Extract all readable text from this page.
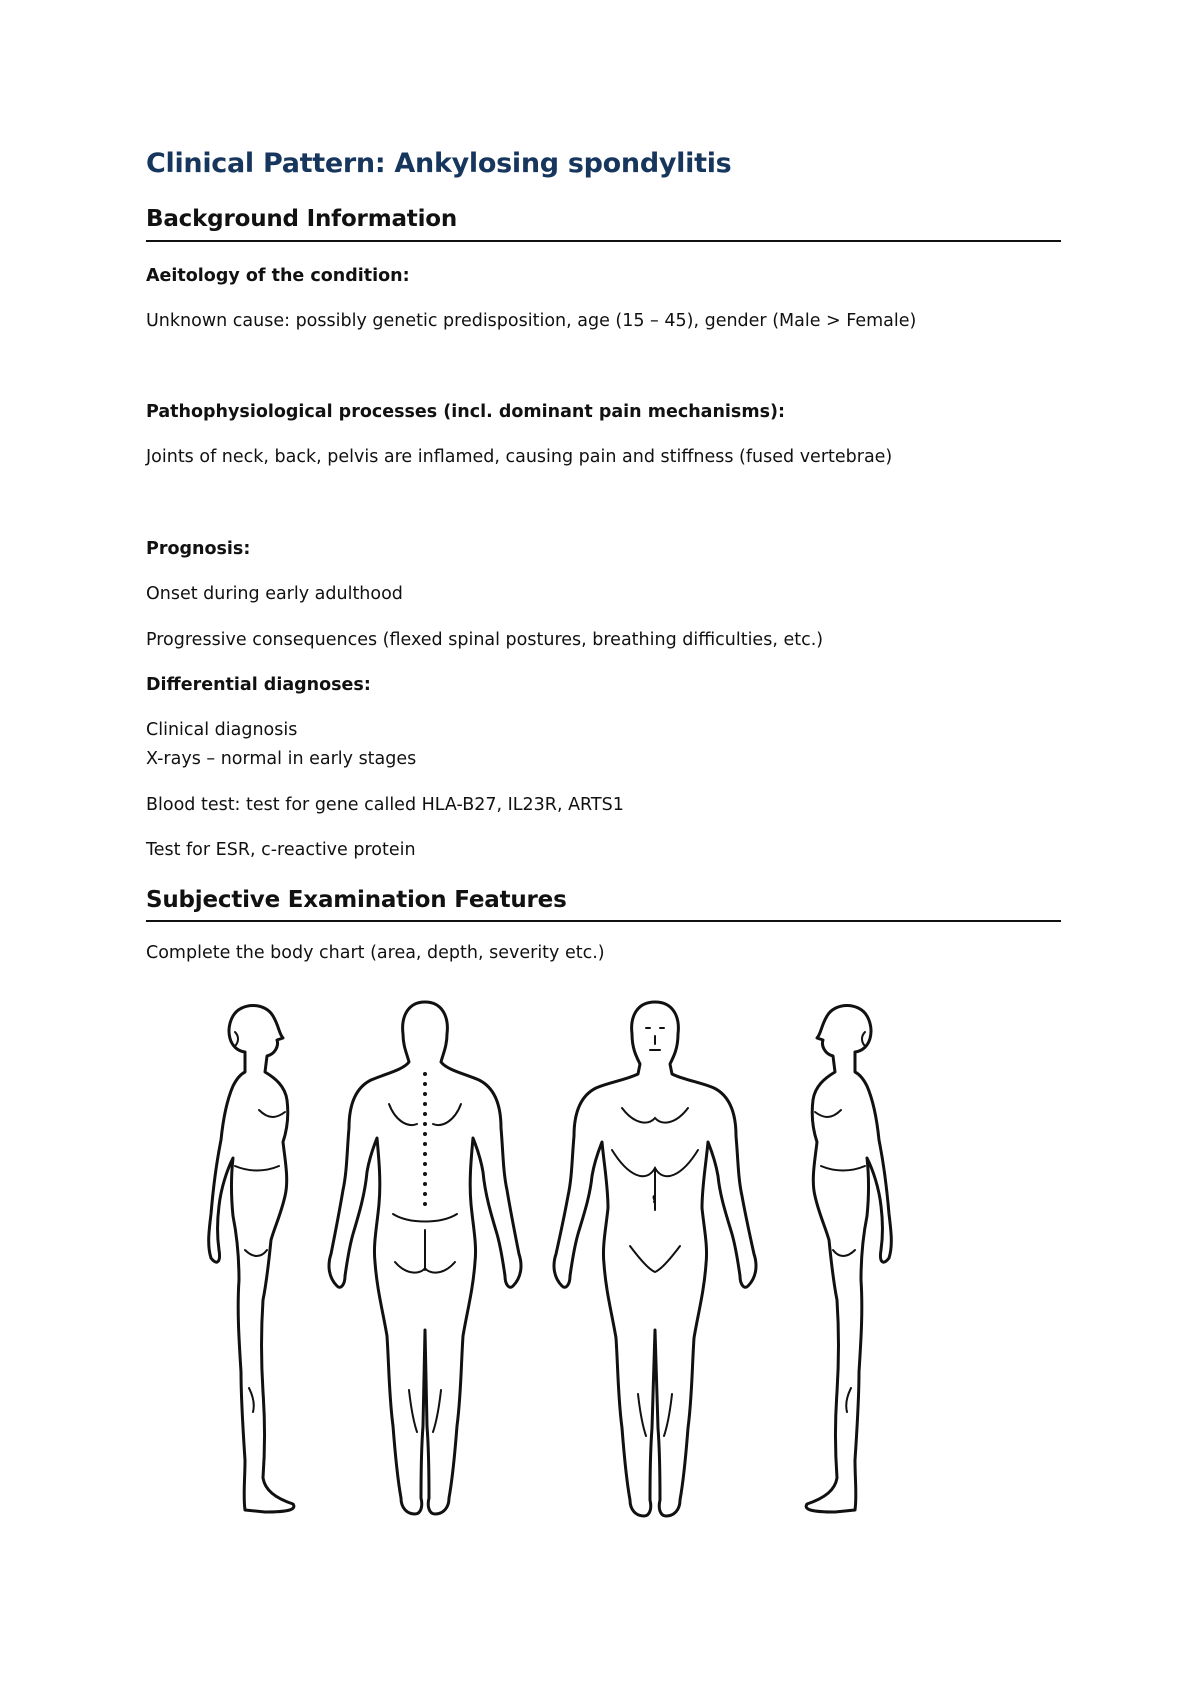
Clinical Pattern: Ankylosing spondylitis
Background Information
Aeitology of the condition:
Unknown cause: possibly genetic predisposition, age (15 – 45), gender (Male > Female)
Pathophysiological processes (incl. dominant pain mechanisms):
Joints of neck, back, pelvis are inflamed, causing pain and stiffness (fused vertebrae)
Prognosis:
Onset during early adulthood
Progressive consequences (flexed spinal postures, breathing difficulties, etc.)
Differential diagnoses:
Clinical diagnosis
X-rays – normal in early stages
Blood test: test for gene called HLA-B27, IL23R, ARTS1
Test for ESR, c-reactive protein
Subjective Examination Features
Complete the body chart (area, depth, severity etc.)
